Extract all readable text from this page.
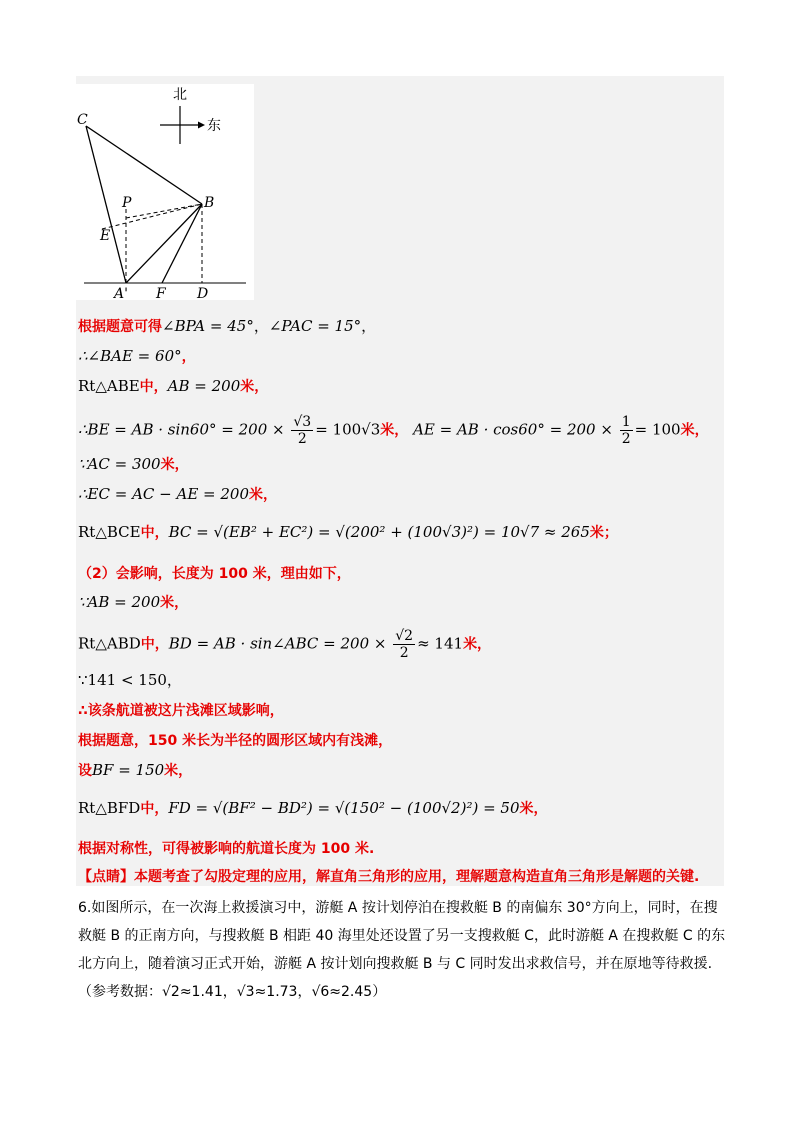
北
东
C
P
E
B
A' F D
根据题意可得∠BPA = 45°，∠PAC = 15°，
∴∠BAE = 60°，
Rt△ABE中，AB = 200米，
∴BE = AB · $\sin 60^\circ = 200 \times \frac{√3}{2} = 100√3$米， AE = AB · $\cos 60^\circ = 200 \times \frac{1}{2} = 100$米，
∵AC = 300米，
∴EC = AC − AE = 200米，
Rt△BCE中，BC = √(EB² + EC²) = √(200² + (100√3)²) = 10√7 ≈ 265米；
（2）会影响，长度为 100 米，理由如下，
∵AB = 200米，
Rt△ABD中，BD = AB · sin∠ABC = $200 \times \frac{√2}{2} \approx 141$米，
∵141 < 150，
∴该条航道被这片浅滩区域影响，
根据题意，150 米长为半径的圆形区域内有浅滩，
设BF = 150米，
Rt△BFD中，FD = √(BF² − BD²) = √(150² − (100√2)²) = 50米，
根据对称性，可得被影响的航道长度为 100 米.
【点睛】本题考查了勾股定理的应用，解直角三角形的应用，理解题意构造直角三角形是解题的关键.
6.如图所示，在一次海上救援演习中，游艇 A 按计划停泊在搜救艇 B 的南偏东 30°方向上，同时，在搜救艇 B 的正南方向，与搜救艇 B 相距 40 海里处还设置了另一支搜救艇 C，此时游艇 A 在搜救艇 C 的东北方向上，随着演习正式开始，游艇 A 按计划向搜救艇 B 与 C 同时发出求救信号，并在原地等待救援.（参考数据：√2≈1.41，√3≈1.73，√6≈2.45）
